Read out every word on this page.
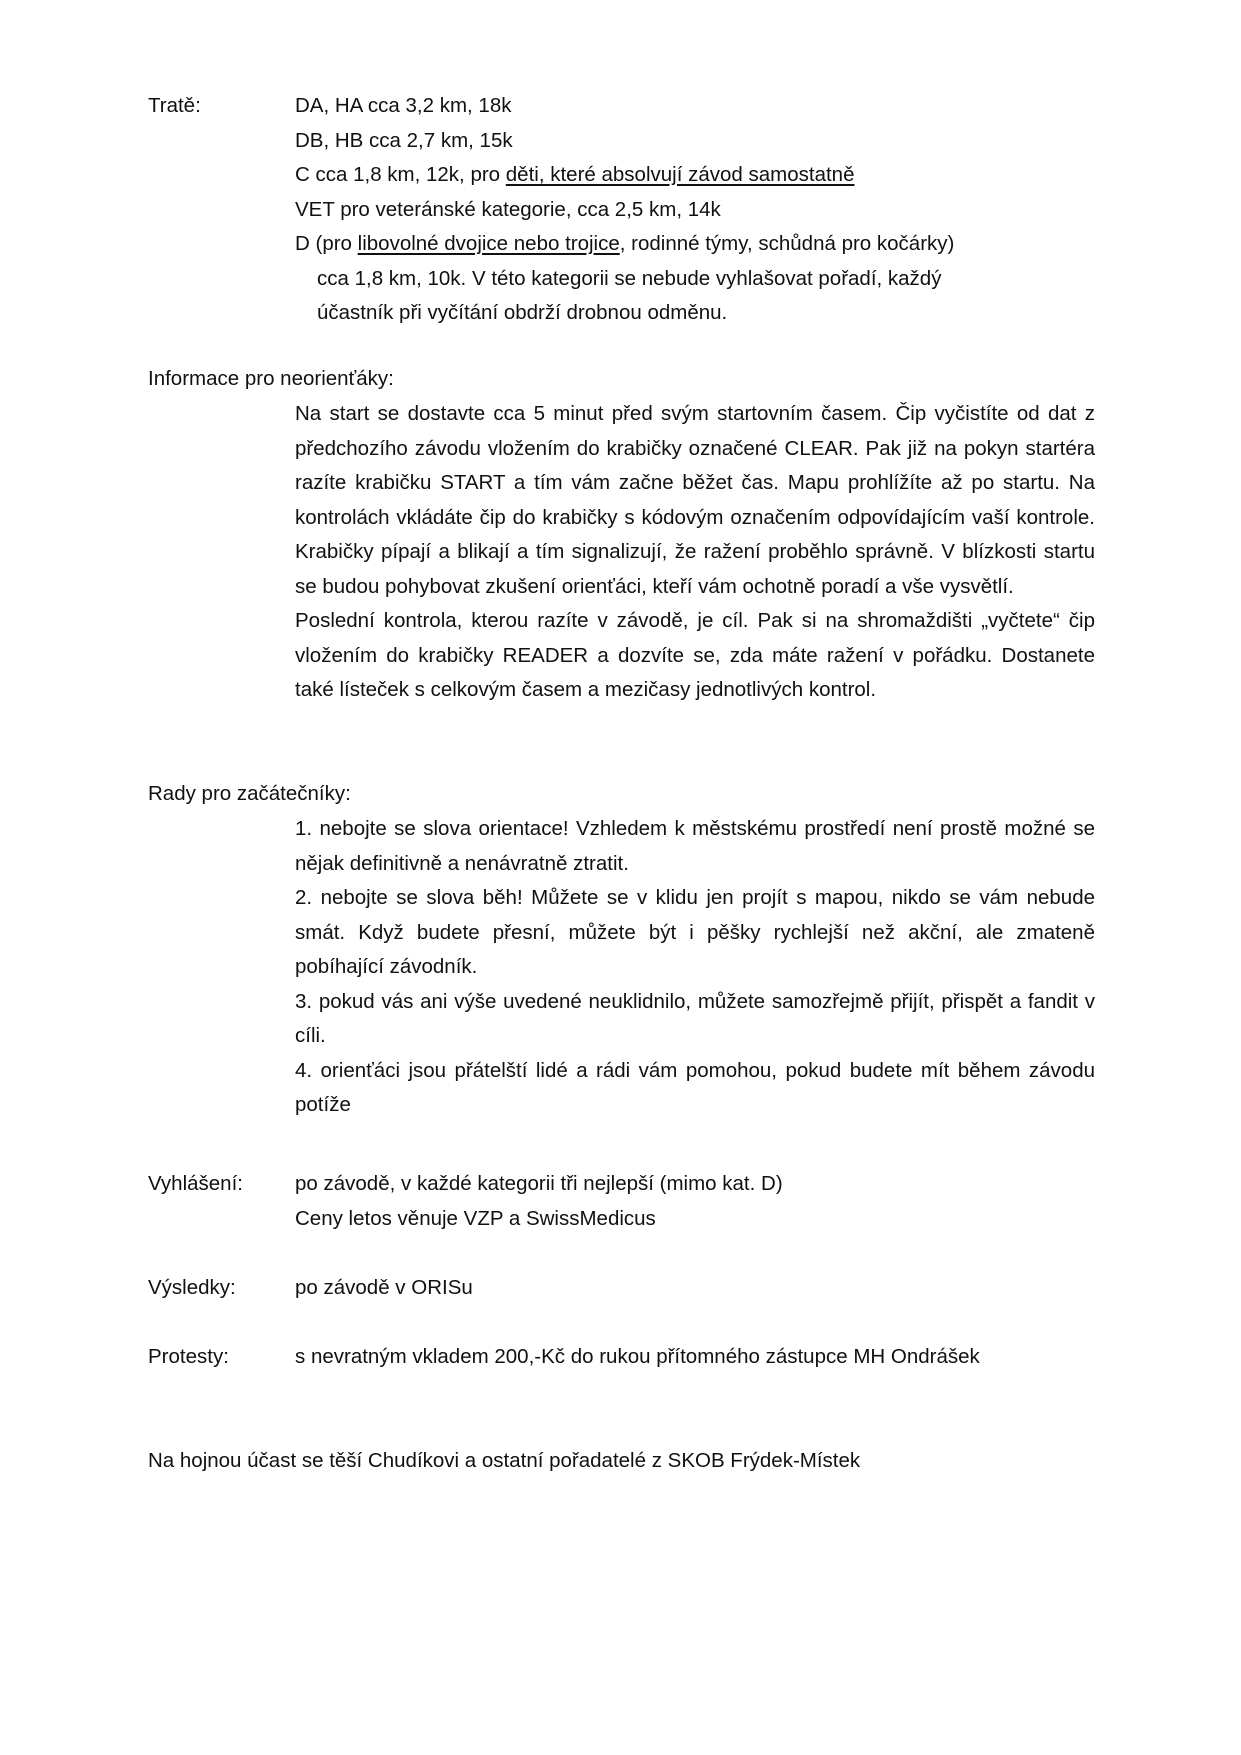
Tratě:	DA, HA cca 3,2 km, 18k
DB, HB cca 2,7 km, 15k
C cca 1,8 km, 12k, pro děti, které absolvují závod samostatně
VET pro veteránské kategorie, cca 2,5 km, 14k
D (pro libovolné dvojice nebo trojice, rodinné týmy, schůdná pro kočárky)
cca 1,8 km, 10k. V této kategorii se nebude vyhlašovat pořadí, každý
účastník při vyčítání obdrží drobnou odměnu.
Informace pro neorienťáky:

Na start se dostavte cca 5 minut před svým startovním časem. Čip vyčistíte od dat z předchozího závodu vložením do krabičky označené CLEAR. Pak již na pokyn startéra razíte krabičku START a tím vám začne běžet čas. Mapu prohlížíte až po startu. Na kontrolách vkládáte čip do krabičky s kódovým označením odpovídajícím vaší kontrole. Krabičky pípají a blikají a tím signalizují, že ražení proběhlo správně. V blízkosti startu se budou pohybovat zkušení orienťáci, kteří vám ochotně poradí a vše vysvětlí.

Poslední kontrola, kterou razíte v závodě, je cíl. Pak si na shromaždišti „vyčtete“ čip vložením do krabičky READER a dozvíte se, zda máte ražení v pořádku. Dostanete také lísteček s celkovým časem a mezičasy jednotlivých kontrol.

Rady pro začátečníky:

1. nebojte se slova orientace! Vzhledem k městskému prostředí není prostě možné se nějak definitivně a nenávratně ztratit.

2. nebojte se slova běh! Můžete se v klidu jen projít s mapou, nikdo se vám nebude smát. Když budete přesní, můžete být i pěšky rychlejší než akční, ale zmateně pobíhající závodník.

3. pokud vás ani výše uvedené neuklidnilo, můžete samozřejmě přijít, přispět a fandit v cíli.

4. orienťáci jsou přátelští lidé a rádi vám pomohou, pokud budete mít během závodu potíže

Vyhlášení:	po závodě, v každé kategorii tři nejlepší (mimo kat. D)
Ceny letos věnuje VZP a SwissMedicus
Výsledky:	po závodě v ORISu
Protesty:	s nevratným vkladem 200,-Kč do rukou přítomného zástupce MH Ondrášek
Na hojnou účast se těší Chudíkovi a ostatní pořadatelé z SKOB Frýdek-Místek
